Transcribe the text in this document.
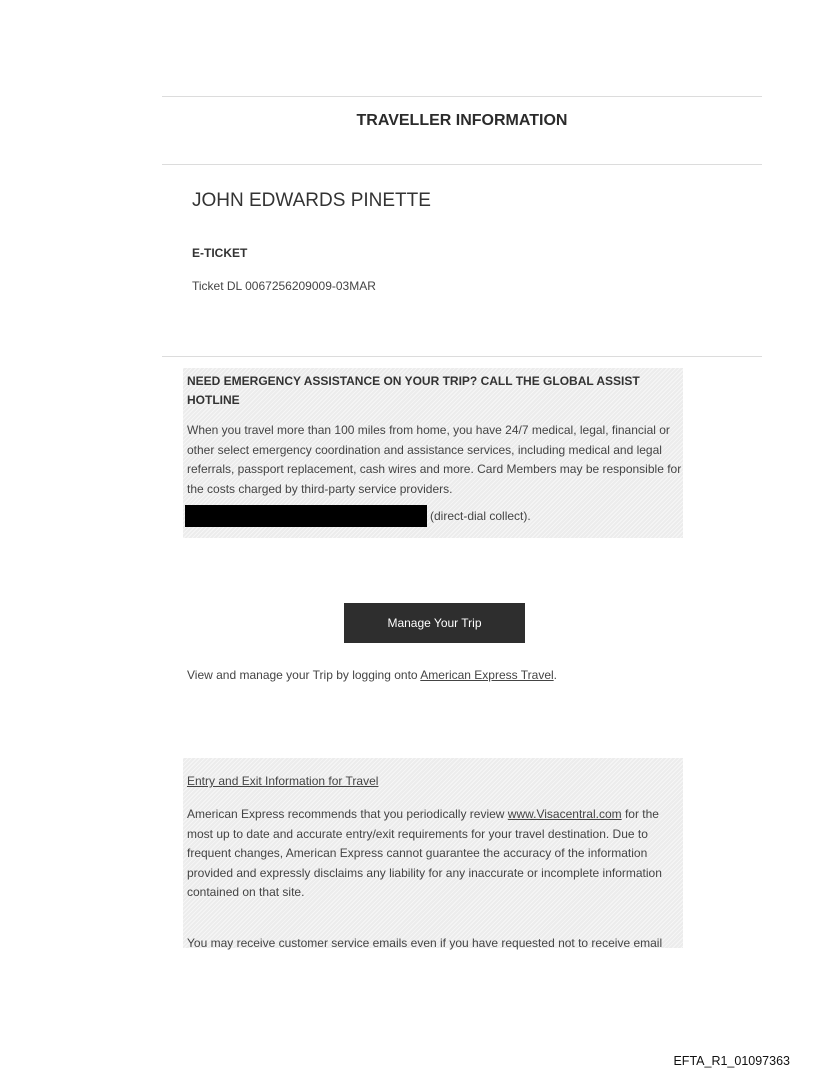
TRAVELLER INFORMATION
JOHN EDWARDS PINETTE
E-TICKET
Ticket DL 0067256209009-03MAR

NEED EMERGENCY ASSISTANCE ON YOUR TRIP? CALL THE GLOBAL ASSIST HOTLINE

When you travel more than 100 miles from home, you have 24/7 medical, legal, financial or other select emergency coordination and assistance services, including medical and legal referrals, passport replacement, cash wires and more. Card Members may be responsible for the costs charged by third-party service providers.

(direct-dial collect).
Manage Your Trip
View and manage your Trip by logging onto American Express Travel.
Entry and Exit Information for Travel

American Express recommends that you periodically review www.Visacentral.com for the most up to date and accurate entry/exit requirements for your travel destination. Due to frequent changes, American Express cannot guarantee the accuracy of the information provided and expressly disclaims any liability for any inaccurate or incomplete information contained on that site.

You may receive customer service emails even if you have requested not to receive email

EFTA_R1_01097363
